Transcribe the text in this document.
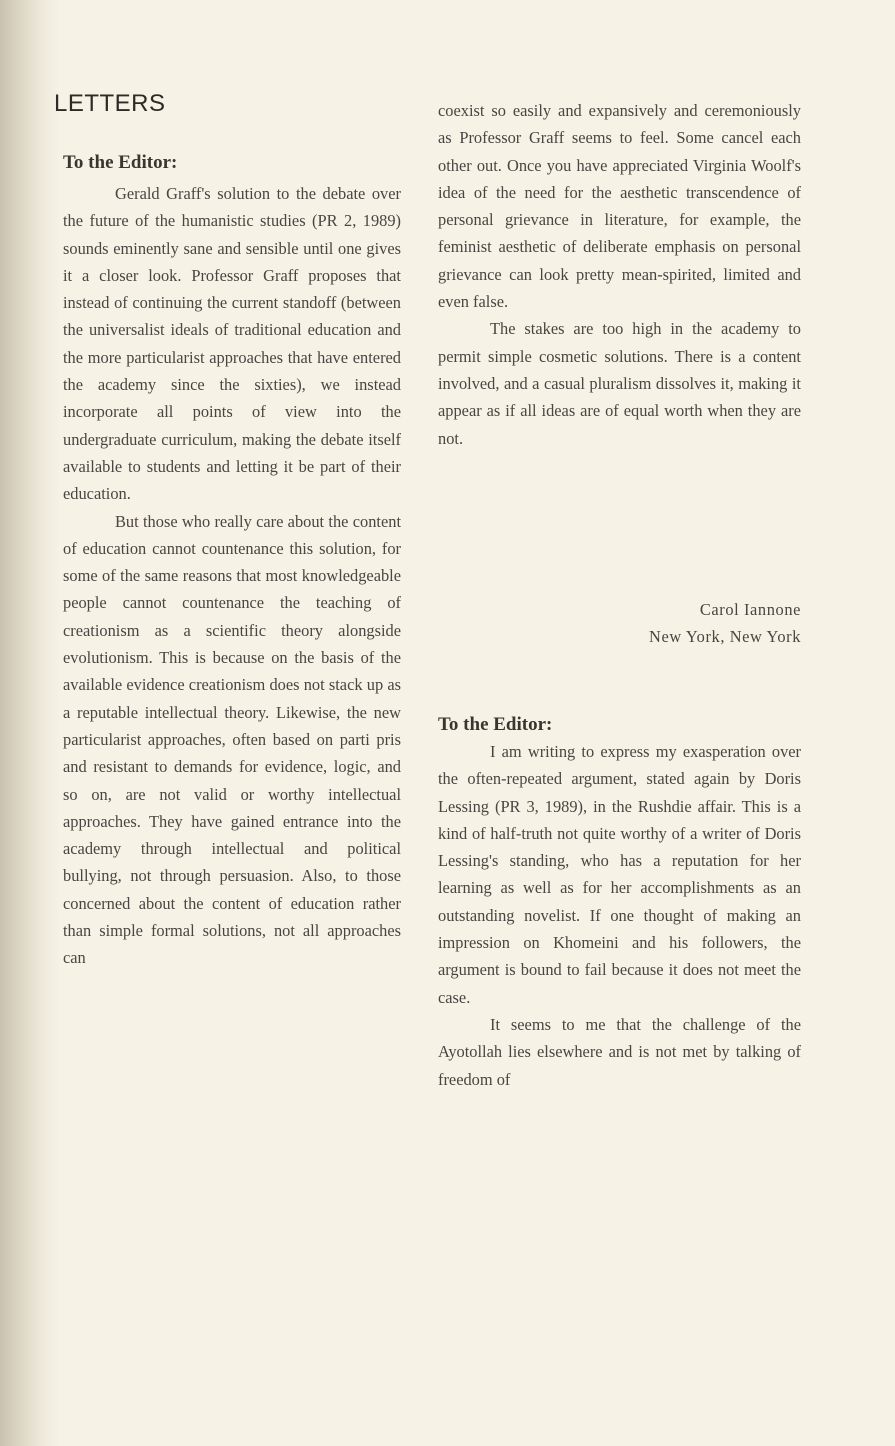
LETTERS
To the Editor:

Gerald Graff's solution to the debate over the future of the humanistic studies (PR 2, 1989) sounds eminently sane and sensible until one gives it a closer look. Professor Graff proposes that instead of continuing the current standoff (between the universalist ideals of traditional education and the more particularist approaches that have entered the academy since the sixties), we instead incorporate all points of view into the undergraduate curriculum, making the debate itself available to students and letting it be part of their education.

But those who really care about the content of education cannot countenance this solution, for some of the same reasons that most knowledgeable people cannot countenance the teaching of creationism as a scientific theory alongside evolutionism. This is because on the basis of the available evidence creationism does not stack up as a reputable intellectual theory. Likewise, the new particularist approaches, often based on parti pris and resistant to demands for evidence, logic, and so on, are not valid or worthy intellectual approaches. They have gained entrance into the academy through intellectual and political bullying, not through persuasion. Also, to those concerned about the content of education rather than simple formal solutions, not all approaches can

coexist so easily and expansively and ceremoniously as Professor Graff seems to feel. Some cancel each other out. Once you have appreciated Virginia Woolf's idea of the need for the aesthetic transcendence of personal grievance in literature, for example, the feminist aesthetic of deliberate emphasis on personal grievance can look pretty mean-spirited, limited and even false.

The stakes are too high in the academy to permit simple cosmetic solutions. There is a content involved, and a casual pluralism dissolves it, making it appear as if all ideas are of equal worth when they are not.

Carol Iannone
New York, New York
To the Editor:

I am writing to express my exasperation over the often-repeated argument, stated again by Doris Lessing (PR 3, 1989), in the Rushdie affair. This is a kind of half-truth not quite worthy of a writer of Doris Lessing's standing, who has a reputation for her learning as well as for her accomplishments as an outstanding novelist. If one thought of making an impression on Khomeini and his followers, the argument is bound to fail because it does not meet the case.

It seems to me that the challenge of the Ayotollah lies elsewhere and is not met by talking of freedom of
